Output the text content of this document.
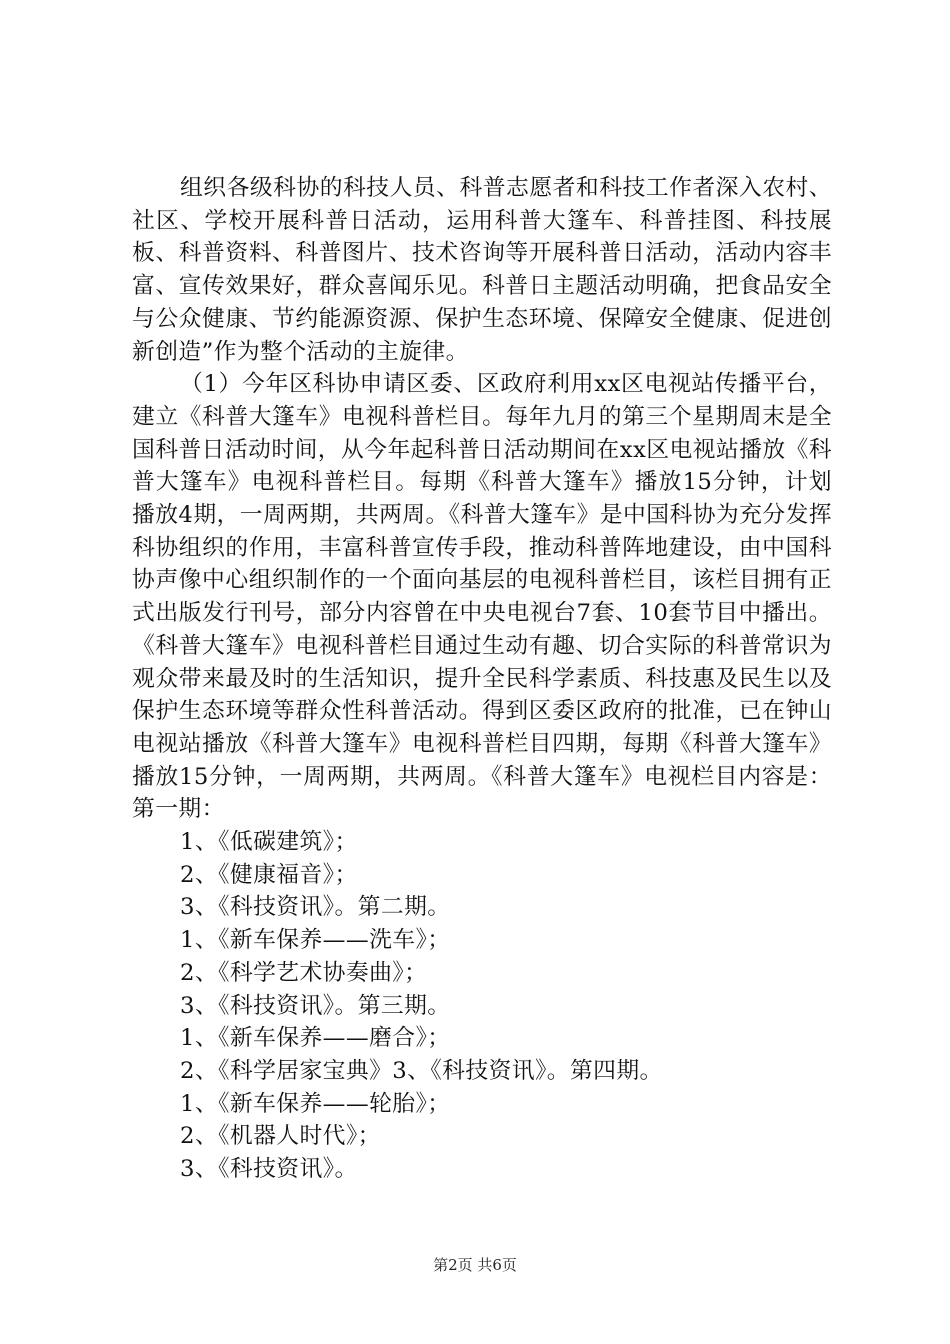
组织各级科协的科技人员、科普志愿者和科技工作者深入农村、社区、学校开展科普日活动，运用科普大篷车、科普挂图、科技展板、科普资料、科普图片、技术咨询等开展科普日活动，活动内容丰富、宣传效果好，群众喜闻乐见。科普日主题活动明确，把食品安全与公众健康、节约能源资源、保护生态环境、保障安全健康、促进创新创造”作为整个活动的主旋律。

（1）今年区科协申请区委、区政府利用xx区电视站传播平台，建立《科普大篷车》电视科普栏目。每年九月的第三个星期周末是全国科普日活动时间，从今年起科普日活动期间在xx区电视站播放《科普大篷车》电视科普栏目。每期《科普大篷车》播放15分钟，计划播放4期，一周两期，共两周。《科普大篷车》是中国科协为充分发挥科协组织的作用，丰富科普宣传手段，推动科普阵地建设，由中国科协声像中心组织制作的一个面向基层的电视科普栏目，该栏目拥有正式出版发行刊号，部分内容曾在中央电视台7套、10套节目中播出。《科普大篷车》电视科普栏目通过生动有趣、切合实际的科普常识为观众带来最及时的生活知识，提升全民科学素质、科技惠及民生以及保护生态环境等群众性科普活动。得到区委区政府的批准，已在钟山电视站播放《科普大篷车》电视科普栏目四期，每期《科普大篷车》播放15分钟，一周两期，共两周。《科普大篷车》电视栏目内容是：第一期：

1、《低碳建筑》；

2、《健康福音》；

3、《科技资讯》。第二期。

1、《新车保养——洗车》；

2、《科学艺术协奏曲》；

3、《科技资讯》。第三期。

1、《新车保养——磨合》；

2、《科学居家宝典》3、《科技资讯》。第四期。

1、《新车保养——轮胎》；

2、《机器人时代》；

3、《科技资讯》。

第2页 共6页
